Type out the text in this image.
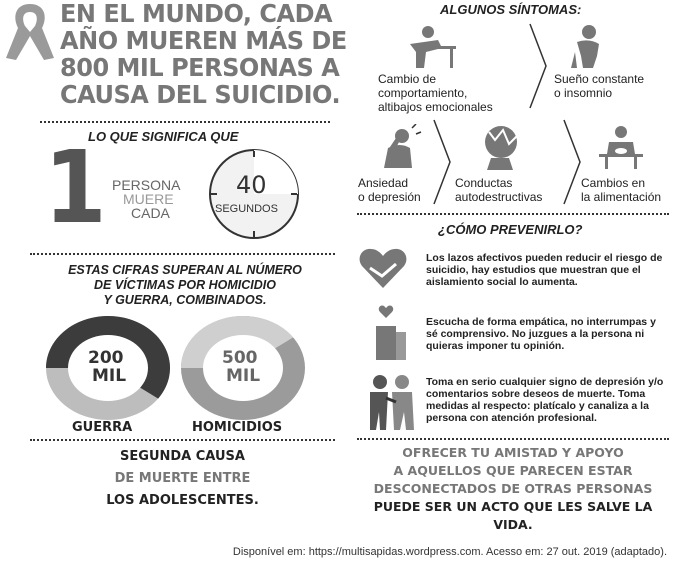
EN EL MUNDO, CADA
AÑO MUEREN MÁS DE
800 MIL PERSONAS A
CAUSA DEL SUICIDIO.
LO QUE SIGNIFICA QUE
1 PERSONA
MUERE
CADA
40
SEGUNDOS
ESTAS CIFRAS SUPERAN AL NÚMERO
DE VÍCTIMAS POR HOMICIDIO
Y GUERRA, COMBINADOS.
200
MIL
GUERRA
500
MIL
HOMICIDIOS
SEGUNDA CAUSA
DE MUERTE ENTRE
LOS ADOLESCENTES.
ALGUNOS SÍNTOMAS:
Cambio de
comportamiento,
altibajos emocionales
Sueño constante
o insomnio
Ansiedad
o depresión
Conductas
autodestructivas
Cambios en
la alimentación
¿CÓMO PREVENIRLO?
Los lazos afectivos pueden reducir el riesgo de suicidio, hay estudios que muestran que el aislamiento social lo aumenta.
Escucha de forma empática, no interrumpas y sé comprensivo. No juzgues a la persona ni quieras imponer tu opinión.
Toma en serio cualquier signo de depresión y/o comentarios sobre deseos de muerte. Toma medidas al respecto: platícalo y canaliza a la persona con atención profesional.
OFRECER TU AMISTAD Y APOYO
A AQUELLOS QUE PARECEN ESTAR
DESCONECTADOS DE OTRAS PERSONAS
PUEDE SER UN ACTO QUE LES SALVE LA VIDA.
Disponível em: https://multisapidas.wordpress.com. Acesso em: 27 out. 2019 (adaptado).
